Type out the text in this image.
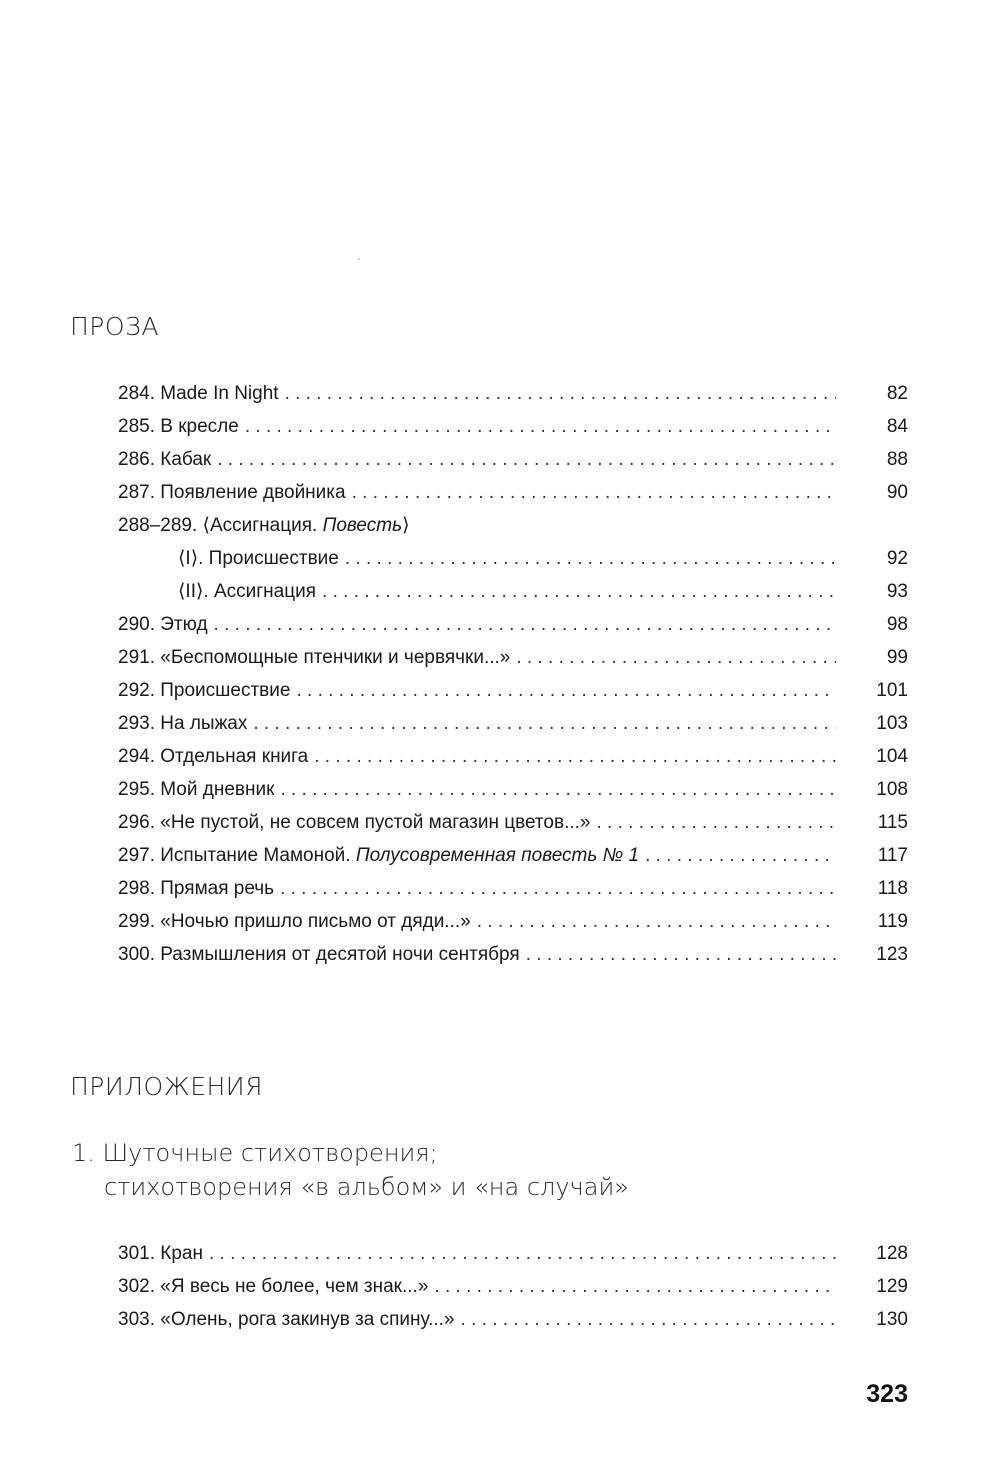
ПРОЗА
284. Made In Night . . .	82
285. В кресле . . .	84
286. Кабак . . .	88
287. Появление двойника . . .	90
288–289. ⟨Ассигнация. Повесть⟩
⟨I⟩. Происшествие . . .	92
⟨II⟩. Ассигнация . . .	93
290. Этюд . . .	98
291. «Беспомощные птенчики и червячки...» . . .	99
292. Происшествие . . .	101
293. На лыжах . . .	103
294. Отдельная книга . . .	104
295. Мой дневник . . .	108
296. «Не пустой, не совсем пустой магазин цветов...» . . .	115
297. Испытание Мамоной. Полусовременная повесть № 1 . . .	117
298. Прямая речь . . .	118
299. «Ночью пришло письмо от дяди...» . . .	119
300. Размышления от десятой ночи сентября . . .	123
ПРИЛОЖЕНИЯ
1. Шуточные стихотворения;
стихотворения «в альбом» и «на случай»
301. Кран . . .	128
302. «Я весь не более, чем знак...» . . .	129
303. «Олень, рога закинув за спину...» . . .	130
323
